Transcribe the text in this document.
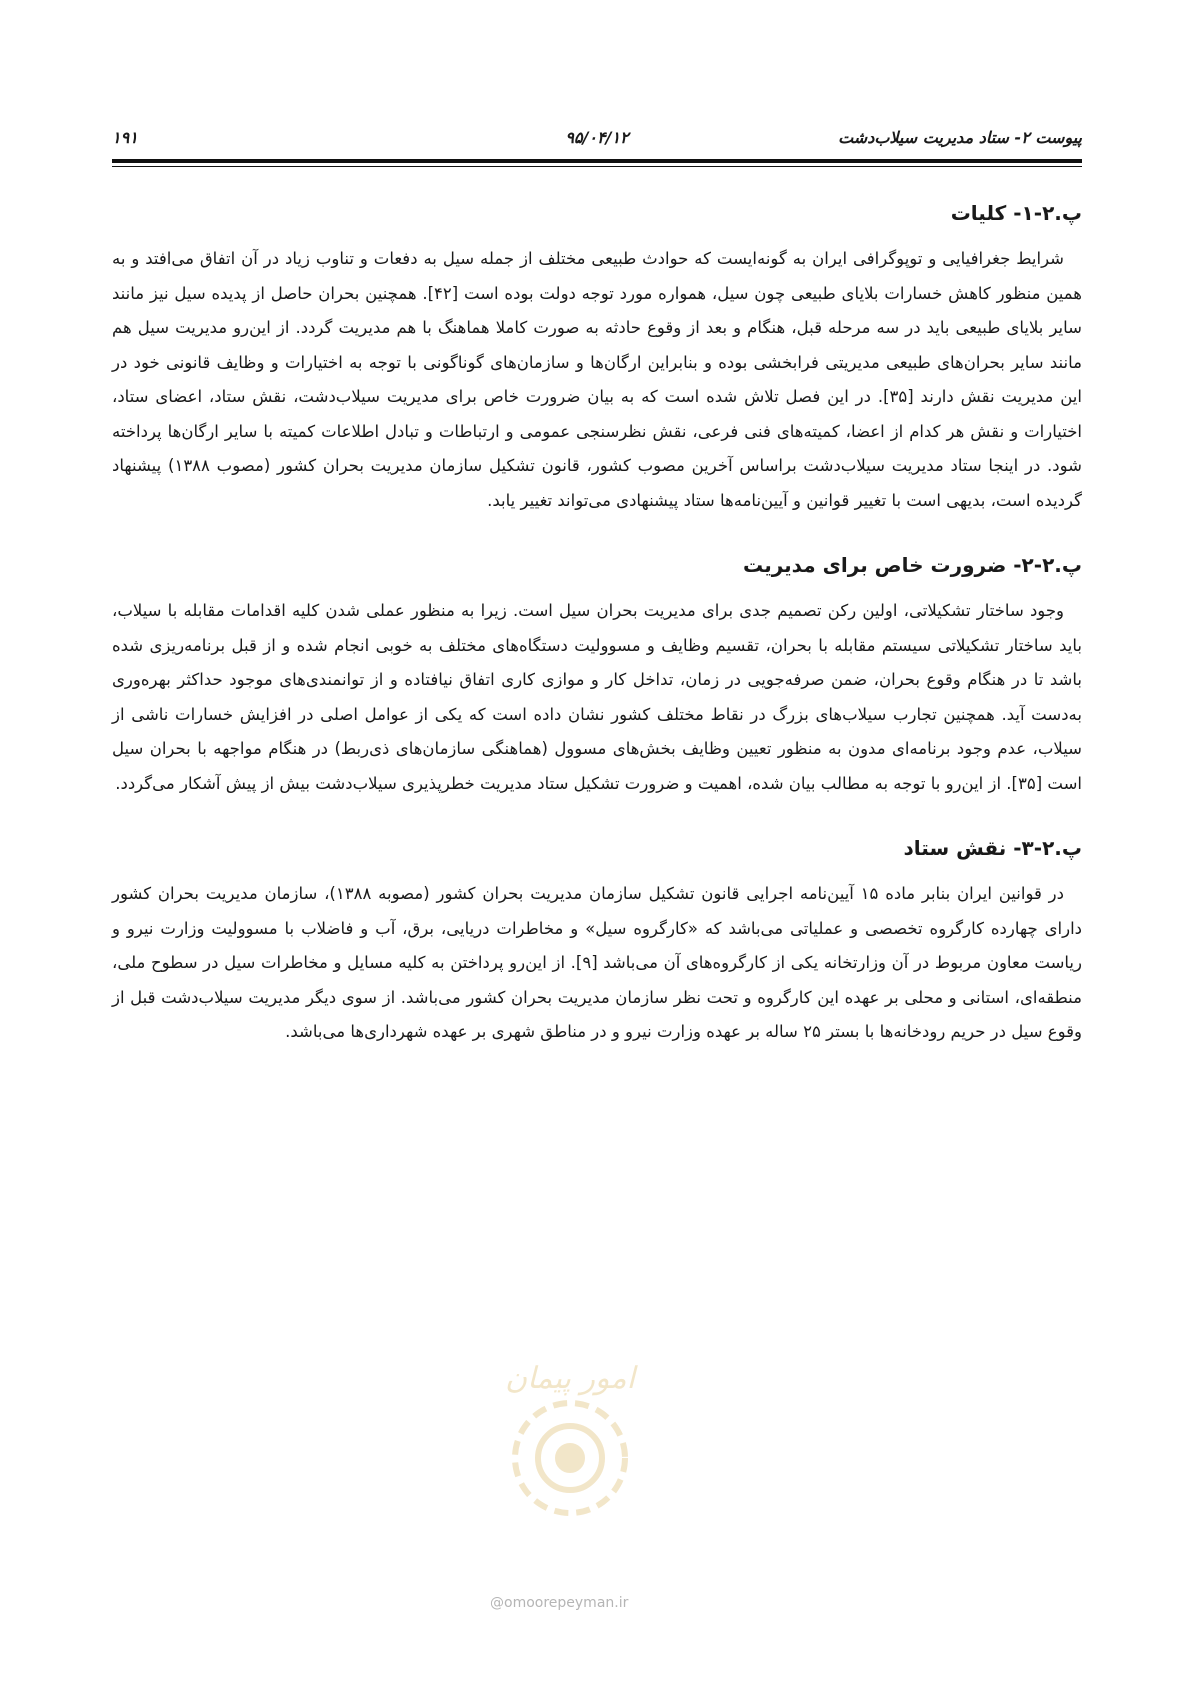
پیوست ۲- ستاد مدیریت سیلاب‌دشت
۹۵/۰۴/۱۲
۱۹۱
پ.۲-۱- کلیات

شرایط جغرافیایی و توپوگرافی ایران به گونه‌ایست که حوادث طبیعی مختلف از جمله سیل به دفعات و تناوب زیاد در آن اتفاق می‌افتد و به همین منظور کاهش خسارات بلایای طبیعی چون سیل، همواره مورد توجه دولت بوده است [۴۲]. همچنین بحران حاصل از پدیده سیل نیز مانند سایر بلایای طبیعی باید در سه مرحله قبل، هنگام و بعد از وقوع حادثه به صورت کاملا هماهنگ با هم مدیریت گردد. از این‌رو مدیریت سیل هم مانند سایر بحران‌های طبیعی مدیریتی فرابخشی بوده و بنابراین ارگان‌ها و سازمان‌های گوناگونی با توجه به اختیارات و وظایف قانونی خود در این مدیریت نقش دارند [۳۵]. در این فصل تلاش شده است که به بیان ضرورت خاص برای مدیریت سیلاب‌دشت، نقش ستاد، اعضای ستاد، اختیارات و نقش هر کدام از اعضا، کمیته‌های فنی فرعی، نقش نظرسنجی عمومی و ارتباطات و تبادل اطلاعات کمیته با سایر ارگان‌ها پرداخته شود. در اینجا ستاد مدیریت سیلاب‌دشت براساس آخرین مصوب کشور، قانون تشکیل سازمان مدیریت بحران کشور (مصوب ۱۳۸۸) پیشنهاد گردیده است، بدیهی است با تغییر قوانین و آیین‌نامه‌ها ستاد پیشنهادی می‌تواند تغییر یابد.

پ.۲-۲- ضرورت خاص برای مدیریت

وجود ساختار تشکیلاتی، اولین رکن تصمیم جدی برای مدیریت بحران سیل است. زیرا به منظور عملی شدن کلیه اقدامات مقابله با سیلاب، باید ساختار تشکیلاتی سیستم مقابله با بحران، تقسیم وظایف و مسوولیت دستگاه‌های مختلف به خوبی انجام شده و از قبل برنامه‌ریزی شده باشد تا در هنگام وقوع بحران، ضمن صرفه‌جویی در زمان، تداخل کار و موازی کاری اتفاق نیافتاده و از توانمندی‌های موجود حداکثر بهره‌وری به‌دست آید. همچنین تجارب سیلاب‌های بزرگ در نقاط مختلف کشور نشان داده است که یکی از عوامل اصلی در افزایش خسارات ناشی از سیلاب، عدم وجود برنامه‌ای مدون به منظور تعیین وظایف بخش‌های مسوول (هماهنگی سازمان‌های ذی‌ربط) در هنگام مواجهه با بحران سیل است [۳۵]. از این‌رو با توجه به مطالب بیان شده، اهمیت و ضرورت تشکیل ستاد مدیریت خطرپذیری سیلاب‌دشت بیش از پیش آشکار می‌گردد.

پ.۲-۳- نقش ستاد

در قوانین ایران بنابر ماده ۱۵ آیین‌نامه اجرایی قانون تشکیل سازمان مدیریت بحران کشور (مصوبه ۱۳۸۸)، سازمان مدیریت بحران کشور دارای چهارده کارگروه تخصصی و عملیاتی می‌باشد که «کارگروه سیل» و مخاطرات دریایی، برق، آب و فاضلاب با مسوولیت وزارت نیرو و ریاست معاون مربوط در آن وزارتخانه یکی از کارگروه‌های آن می‌باشد [۹]. از این‌رو پرداختن به کلیه مسایل و مخاطرات سیل در سطوح ملی، منطقه‌ای، استانی و محلی بر عهده این کارگروه و تحت نظر سازمان مدیریت بحران کشور می‌باشد. از سوی دیگر مدیریت سیلاب‌دشت قبل از وقوع سیل در حریم رودخانه‌ها با بستر ۲۵ ساله بر عهده وزارت نیرو و در مناطق شهری بر عهده شهرداری‌ها می‌باشد.

امور پیمان
@omoorepeyman.ir
